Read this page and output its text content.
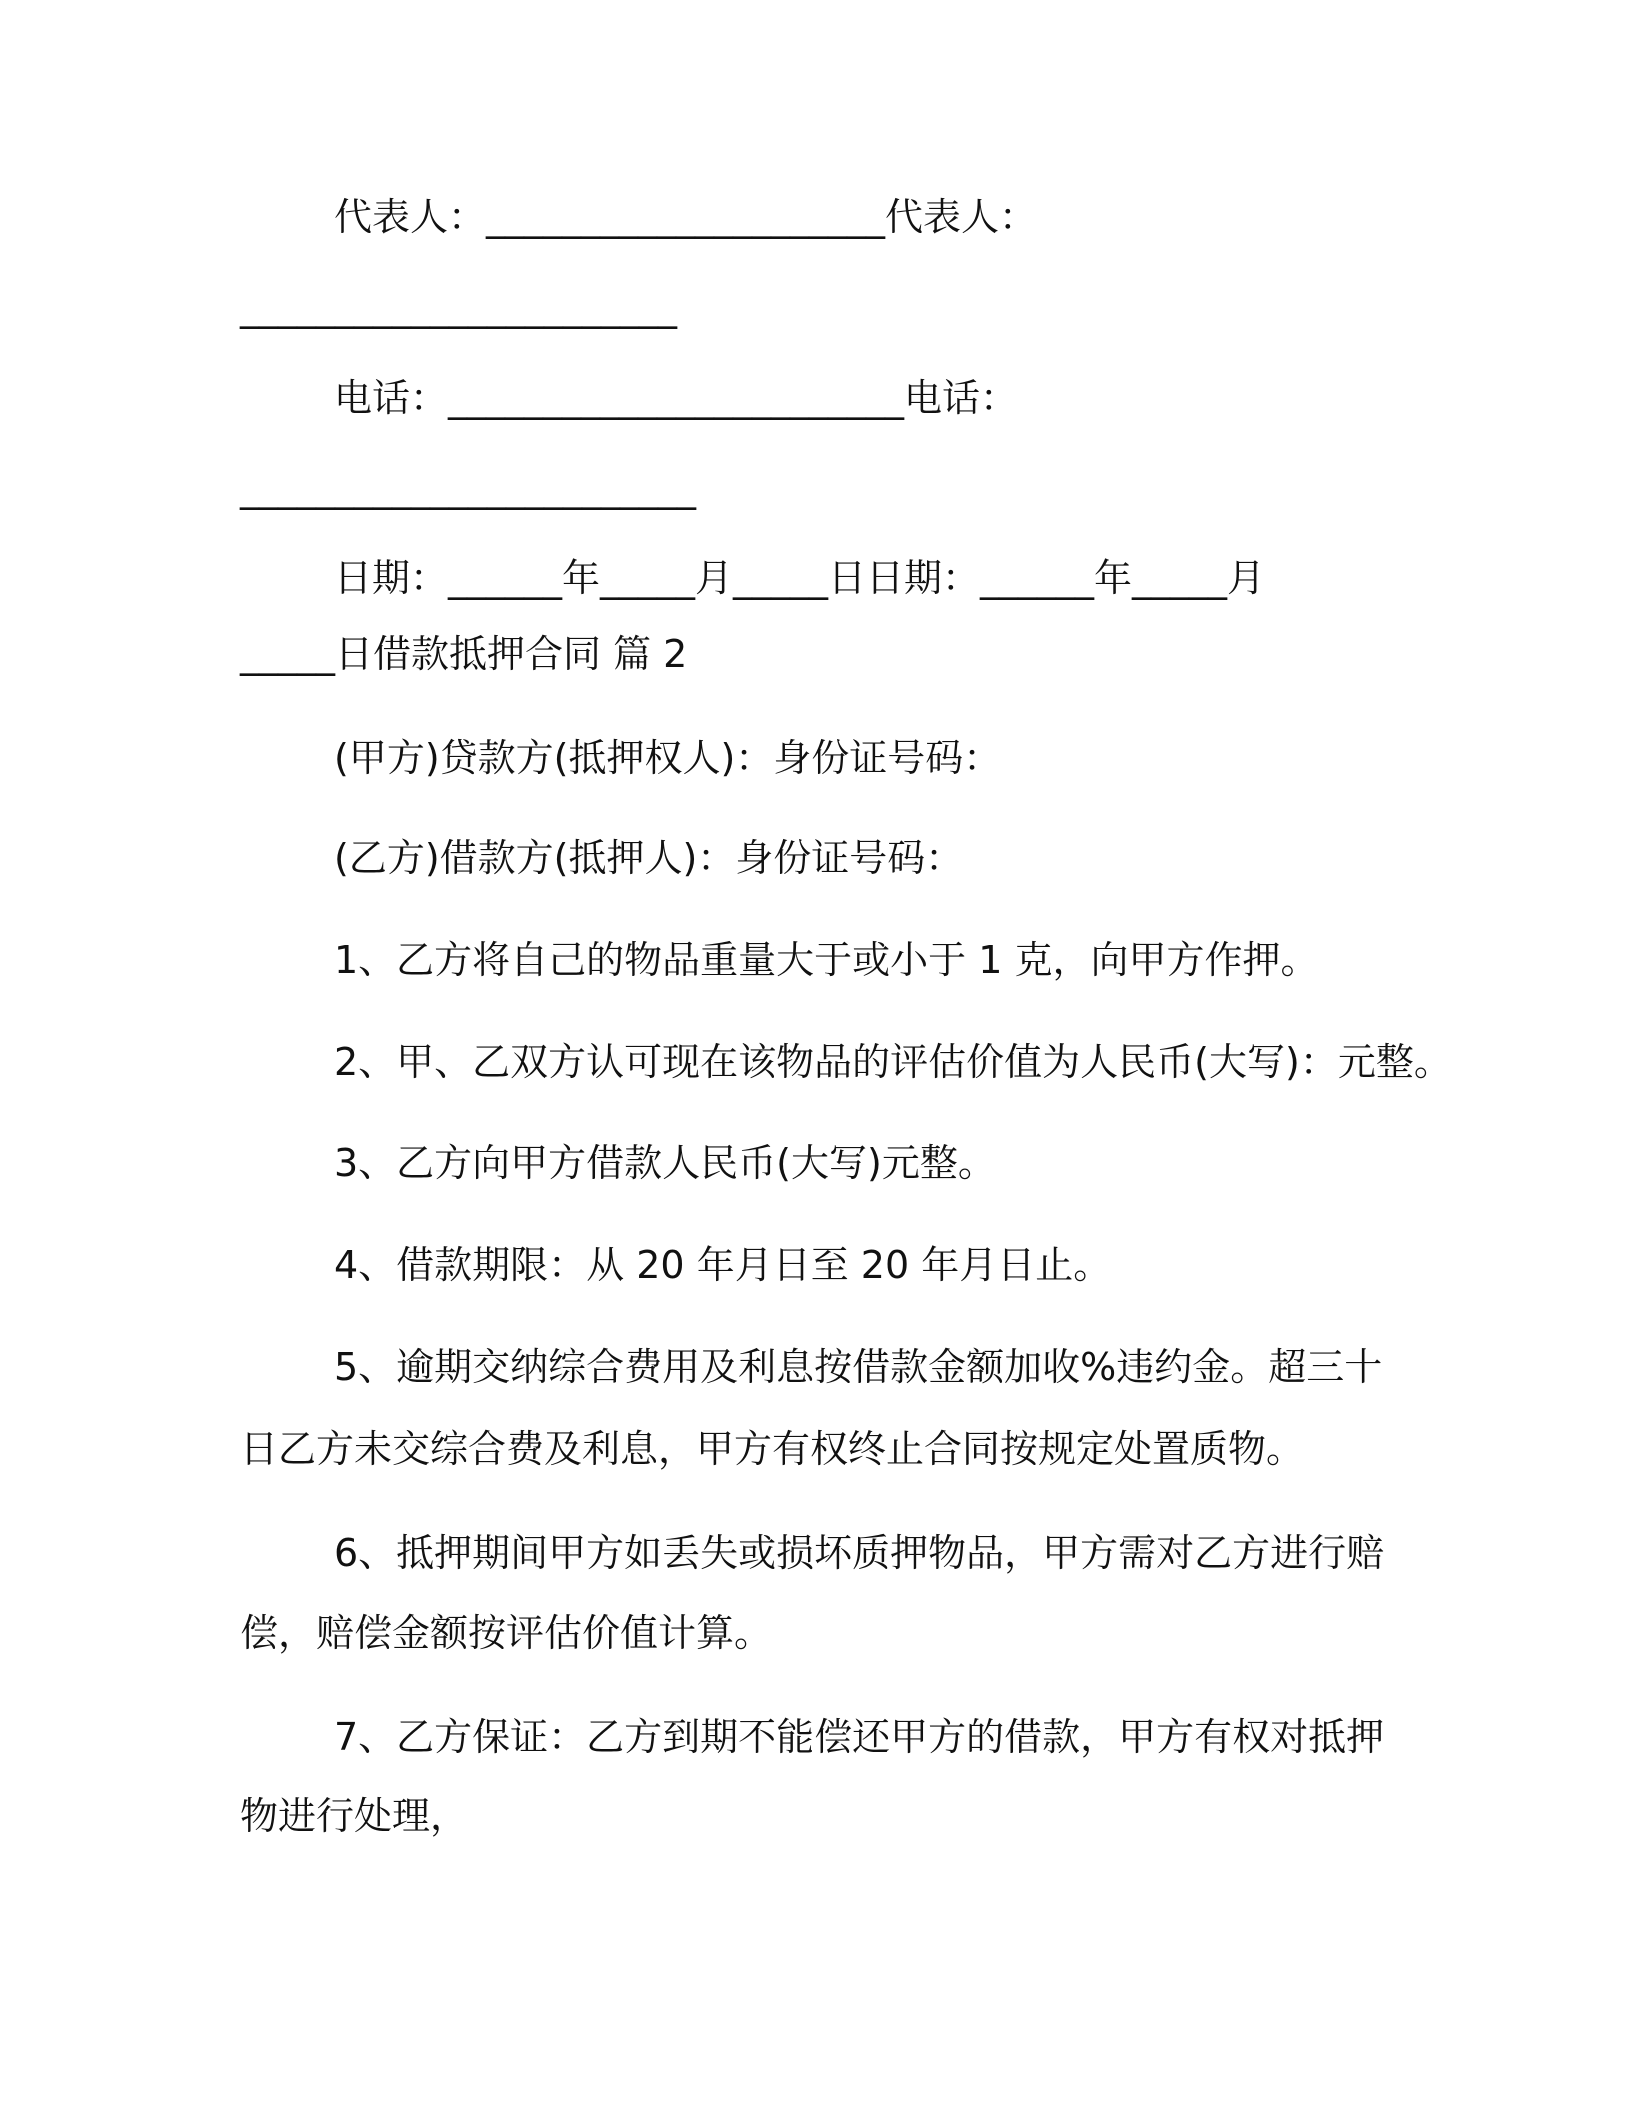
代表人：_____________________代表人：
_______________________
电话：________________________电话：
________________________
日期：______年_____月_____日日期：______年_____月
_____日借款抵押合同 篇 2
(甲方)贷款方(抵押权人)：身份证号码：
(乙方)借款方(抵押人)：身份证号码：
1、乙方将自己的物品重量大于或小于 1 克，向甲方作押。
2、甲、乙双方认可现在该物品的评估价值为人民币(大写)：元整。
3、乙方向甲方借款人民币(大写)元整。
4、借款期限：从 20 年月日至 20 年月日止。
5、逾期交纳综合费用及利息按借款金额加收%违约金。超三十
日乙方未交综合费及利息，甲方有权终止合同按规定处置质物。
6、抵押期间甲方如丢失或损坏质押物品，甲方需对乙方进行赔
偿，赔偿金额按评估价值计算。
7、乙方保证：乙方到期不能偿还甲方的借款，甲方有权对抵押
物进行处理，
